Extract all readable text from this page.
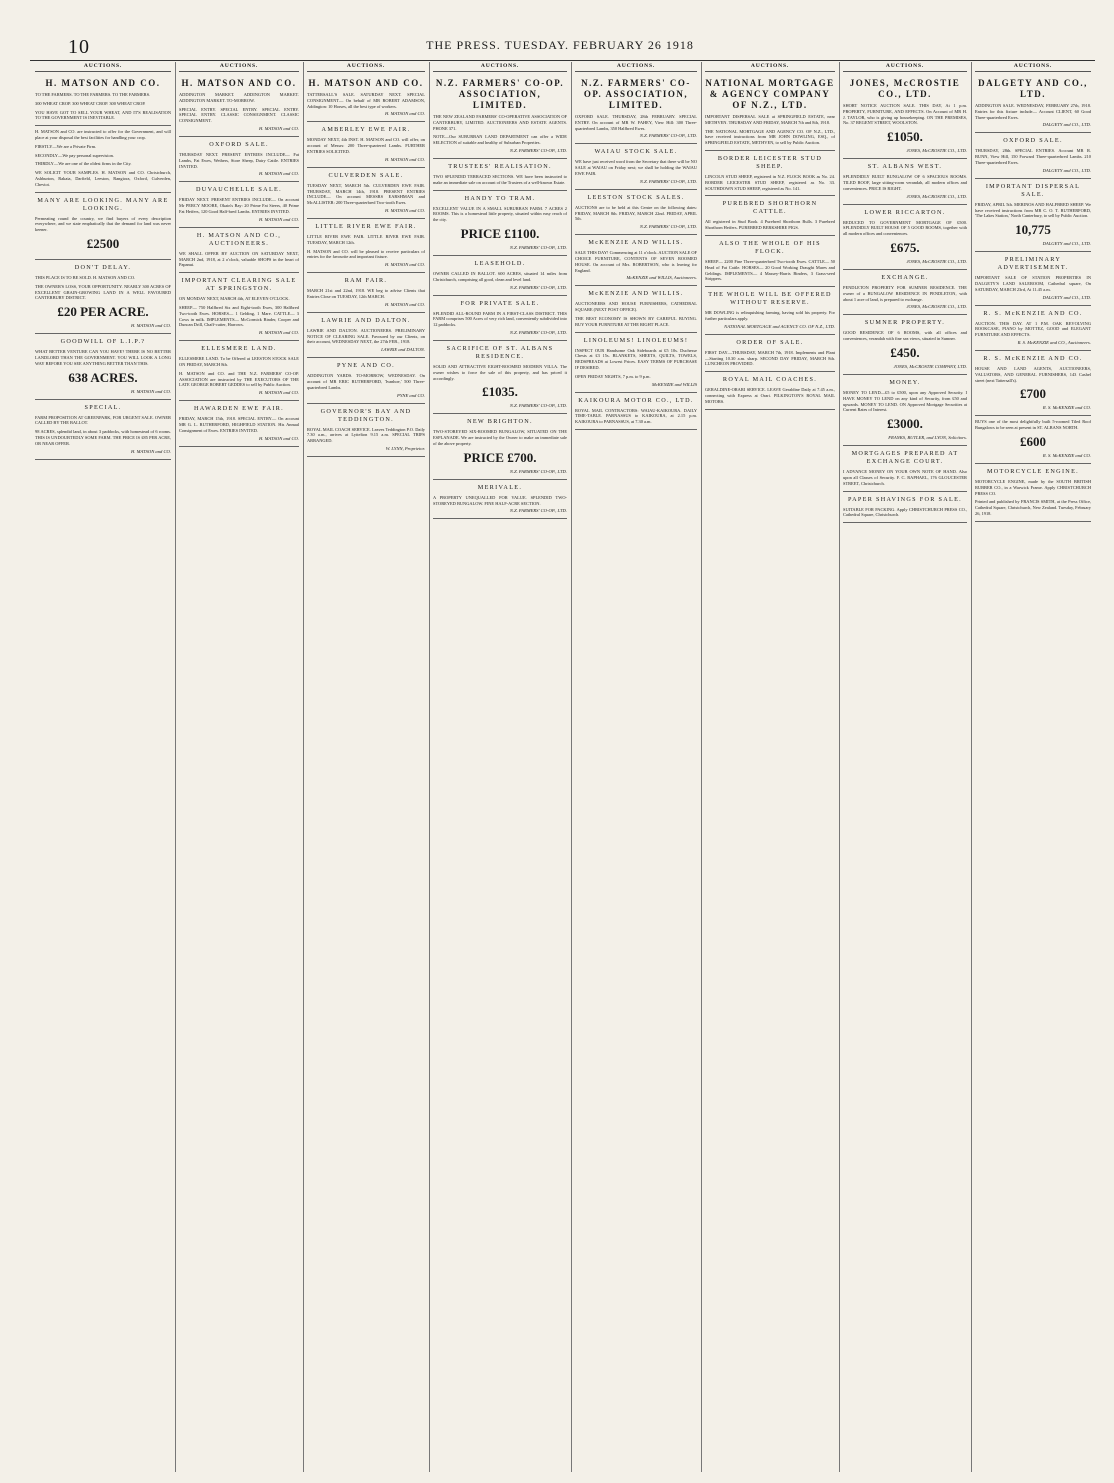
10	THE PRESS. TUESDAY. FEBRUARY 26 1918
AUCTIONS.
H. MATSON AND CO.

TO THE FARMERS. TO THE FARMERS. TO THE FARMERS.

300 WHEAT CROP. 300 WHEAT CROP. 300 WHEAT CROP.

YOU HAVE GOT TO SELL YOUR WHEAT, AND IT'S REALISATION TO THE GOVERNMENT IS INEVITABLE.

H. MATSON and CO. are instructed to offer for the Government, and will place at your disposal the best facilities for handling your crop.

FIRSTLY—We are a Private Firm.

SECONDLY—We pay personal supervision.

THIRDLY—We are one of the oldest firms in the City.

WE SOLICIT YOUR SAMPLES. H. MATSON and CO. Christchurch, Ashburton, Rakaia, Darfield, Leeston, Rangiora, Oxford, Culverden, Cheviot.

MANY ARE LOOKING. MANY ARE LOOKING.

Permeating round the country, we find buyers of every description everywhere, and we state emphatically that the demand for land was never keener.

£2500
DON'T DELAY.

THIS PLACE IS TO BE SOLD. H. MATSON AND CO.

THE OWNER'S LOSS, YOUR OPPORTUNITY. NEARLY 300 ACRES OF EXCELLENT GRAIN-GROWING LAND IN A WELL FAVOURED CANTERBURY DISTRICT.

£20 PER ACRE.
H. MATSON and CO.
GOODWILL OF L.I.P.?

WHAT BETTER VENTURE CAN YOU HAVE? THERE IS NO BETTER LANDLORD THAN THE GOVERNMENT. YOU WILL LOOK A LONG WAY BEFORE YOU SEE ANYTHING BETTER THAN THIS.

638 ACRES.
H. MATSON and CO.
SPECIAL.

FARM PROPOSITION AT GREENPARK, FOR URGENT SALE. OWNER CALLED BY THE BALLOT.

98 ACRES, splendid land, in about 3 paddocks, with homestead of 6 rooms. THIS IS UNDOUBTEDLY SOME FARM. THE PRICE IS £85 PER ACRE, OR NEAR OFFER.

H. MATSON and CO.
AUCTIONS.
H. MATSON AND CO.

ADDINGTON MARKET. ADDINGTON MARKET. ADDINGTON MARKET. TO-MORROW.

SPECIAL ENTRY. SPECIAL ENTRY. SPECIAL ENTRY. SPECIAL ENTRY. CLASSIC CONSIGNMENT. CLASSIC CONSIGNMENT.

H. MATSON and CO.
OXFORD SALE.

THURSDAY NEXT. PRESENT ENTRIES INCLUDE— Fat Lambs, Fat Ewes, Wethers, Store Sheep, Dairy Cattle. ENTRIES INVITED.

H. MATSON and CO.
DUVAUCHELLE SALE.

FRIDAY NEXT. PRESENT ENTRIES INCLUDE— On account Mr PERCY MOORE, Okain's Bay: 20 Prime Fat Steers, 40 Prime Fat Heifers, 120 Good Half-bred Lambs. ENTRIES INVITED.

H. MATSON and CO.
H. MATSON AND CO., AUCTIONEERS.

WE SHALL OFFER BY AUCTION ON SATURDAY NEXT, MARCH 2nd, 1918, at 2 o'clock, valuable SHOPS in the heart of Papanui.

IMPORTANT CLEARING SALE AT SPRINGSTON.

ON MONDAY NEXT, MARCH 4th, AT ELEVEN O'CLOCK.

SHEEP— 750 Halfbred Six and Eight-tooth Ewes, 300 Halfbred Two-tooth Ewes. HORSES— 1 Gelding, 1 Mare. CATTLE— 3 Cows in milk. IMPLEMENTS— McCormick Binder, Cooper and Duncan Drill, Chaff-cutter, Harrows.

H. MATSON and CO.
ELLESMERE LAND.

ELLESMERE LAND. To be Offered at LEESTON STOCK SALE ON FRIDAY, MARCH 8th.

H. MATSON and CO. and THE N.Z. FARMERS' CO-OP. ASSOCIATION are instructed by THE EXECUTORS OF THE LATE GEORGE ROBERT GEDDES to sell by Public Auction.

H. MATSON and CO.
HAWARDEN EWE FAIR.

FRIDAY, MARCH 15th, 1918. SPECIAL ENTRY— On account MR G. L. RUTHERFORD, HIGHFIELD STATION. His Annual Consignment of Ewes. ENTRIES INVITED.

H. MATSON and CO.
AUCTIONS.
H. MATSON AND CO.

TATTERSALL'S SALE. SATURDAY NEXT. SPECIAL CONSIGNMENT— On behalf of MR ROBERT ADAMSON, Addington: 10 Horses, all the best type of workers.

H. MATSON and CO.
AMBERLEY EWE FAIR.

MONDAY NEXT, 4th INST. H. MATSON and CO. will offer, on account of Messrs: 200 Three-quartered Lambs. FURTHER ENTRIES SOLICITED.

H. MATSON and CO.
CULVERDEN SALE.

TUESDAY NEXT, MARCH 5th. CULVERDEN EWE FAIR. THURSDAY, MARCH 14th, 1918. PRESENT ENTRIES INCLUDE— On account MESSRS EARSHMAN and McALLISTER: 200 Three-quarterbred Two-tooth Ewes.

H. MATSON and CO.
LITTLE RIVER EWE FAIR.

LITTLE RIVER EWE FAIR. LITTLE RIVER EWE FAIR. TUESDAY, MARCH 12th.

H. MATSON and CO. will be pleased to receive particulars of entries for the favourite and important fixture.

H. MATSON and CO.
RAM FAIR.

MARCH 21st and 22nd, 1918. WE beg to advise Clients that Entries Close on TUESDAY, 12th MARCH.

H. MATSON and CO.
LAWRIE AND DALTON.

LAWRIE AND DALTON. AUCTIONEERS. PRELIMINARY NOTICE OF CLEARING SALE. Favoured by our Clients, on their account, WEDNESDAY NEXT, the 27th FEB., 1918.

LAWRIE and DALTON.
PYNE AND CO.

ADDINGTON YARDS. TO-MORROW, WEDNESDAY. On account of MR ERIC RUTHERFORD, 'Ivanhoe,' 500 Three-quarterbred Lambs.

PYNE and CO.
GOVERNOR'S BAY AND TEDDINGTON.

ROYAL MAIL COACH SERVICE. Leaves Teddington P.O. Daily 7.30 a.m., arrives at Lyttelton 9.15 a.m. SPECIAL TRIPS ARRANGED.

W. LYNN, Proprietor.
AUCTIONS.
N.Z. FARMERS' CO-OP. ASSOCIATION, LIMITED.

THE NEW ZEALAND FARMERS' CO-OPERATIVE ASSOCIATION OF CANTERBURY, LIMITED. AUCTIONEERS AND ESTATE AGENTS. PHONE 371.

NOTE—Our SUBURBAN LAND DEPARTMENT can offer a WIDE SELECTION of suitable and healthy of Suburban Properties.

N.Z. FARMERS' CO-OP., LTD.
TRUSTEES' REALISATION.

TWO SPLENDID TERRACED SECTIONS. WE have been instructed to make an immediate sale on account of the Trustees of a well-known Estate.

HANDY TO TRAM.

EXCELLENT VALUE IN A SMALL SUBURBAN FARM. 7 ACRES 2 ROOMS. This is a homestead little property, situated within easy reach of the city.

PRICE £1100.
N.Z. FARMERS' CO-OP., LTD.
LEASEHOLD.

OWNER CALLED IN BALLOT. 600 ACRES, situated 14 miles from Christchurch, comprising all good, clean and level land.

N.Z. FARMERS' CO-OP., LTD.
FOR PRIVATE SALE.

SPLENDID ALL-ROUND FARM IN A FIRST-CLASS DISTRICT. THIS FARM comprises 500 Acres of very rich land, conveniently subdivided into 12 paddocks.

N.Z. FARMERS' CO-OP., LTD.
SACRIFICE OF ST. ALBANS RESIDENCE.

SOLID AND ATTRACTIVE EIGHT-ROOMED MODERN VILLA. The owner wishes to force the sale of this property, and has priced it accordingly.

£1035.
N.Z. FARMERS' CO-OP., LTD.
NEW BRIGHTON.

TWO-STOREYED SIX-ROOMED BUNGALOW, SITUATED ON THE ESPLANADE. We are instructed by the Owner to make an immediate sale of the above property.

PRICE £700.
N.Z. FARMERS' CO-OP., LTD.
MERIVALE.

A PROPERTY UNEQUALLED FOR VALUE. SPLENDID TWO-STOREYED BUNGALOW. FINE HALF-ACRE SECTION.

N.Z. FARMERS' CO-OP., LTD.
AUCTIONS.
N.Z. FARMERS' CO-OP. ASSOCIATION, LIMITED.

OXFORD SALE. THURSDAY, 28th FEBRUARY. SPECIAL ENTRY. On account of MR W. FAHEY, View Hill: 300 Three-quarterbred Lambs, 350 Halfbred Ewes.

N.Z. FARMERS' CO-OP., LTD.
WAIAU STOCK SALE.

WE have just received word from the Secretary that there will be NO SALE at WAIAU on Friday next; we shall be holding the WAIAU EWE FAIR.

N.Z. FARMERS' CO-OP., LTD.
LEESTON STOCK SALES.

AUCTIONS are to be held at this Centre on the following dates: FRIDAY, MARCH 8th. FRIDAY, MARCH 22nd. FRIDAY, APRIL 5th.

N.Z. FARMERS' CO-OP., LTD.
McKENZIE AND WILLIS.

SALE THIS DAY! Commencing at 11 o'clock. AUCTION SALE OF CHOICE FURNITURE, CONTENTS OF SEVEN ROOMED HOUSE. On account of Mrs. ROBERTSON, who is leaving for England.

McKENZIE and WILLIS, Auctioneers.
McKENZIE AND WILLIS.

AUCTIONEERS AND HOUSE FURNISHERS, CATHEDRAL SQUARE (NEXT POST OFFICE).

THE BEST ECONOMY IS SHOWN BY CAREFUL BUYING. BUY YOUR FURNITURE AT THE RIGHT PLACE.

LINOLEUMS! LINOLEUMS!

INSPECT OUR Handsome Oak Sideboards at £5 10s. Duchesse Chests at £3 15s. BLANKETS, SHEETS, QUILTS, TOWELS, BEDSPREADS at Lowest Prices. EASY TERMS OF PURCHASE IF DESIRED.

OPEN FRIDAY NIGHTS, 7 p.m. to 9 p.m.

McKENZIE and WILLIS
KAIKOURA MOTOR CO., LTD.

ROYAL MAIL CONTRACTORS: WAIAU-KAIKOURA. DAILY TIME-TABLE. PARNASSUS to KAIKOURA, at 2.15 p.m. KAIKOURA to PARNASSUS, at 7.30 a.m.

AUCTIONS.
NATIONAL MORTGAGE & AGENCY COMPANY OF N.Z., LTD.

IMPORTANT DISPERSAL SALE at SPRINGFIELD ESTATE, near METHVEN. THURSDAY AND FRIDAY, MARCH 7th and 8th, 1918.

THE NATIONAL MORTGAGE AND AGENCY CO. OF N.Z., LTD., have received instructions from MR JOHN DOWLING, ESQ., of SPRINGFIELD ESTATE, METHVEN, to sell by Public Auction.

BORDER LEICESTER STUD SHEEP.

LINCOLN STUD SHEEP, registered in N.Z. FLOCK BOOK as No. 24. BORDER LEICESTER STUD SHEEP, registered as No. 33. SOUTHDOWN STUD SHEEP, registered as No. 141.

PUREBRED SHORTHORN CATTLE.

All registered in Stud Book. 4 Purebred Shorthorn Bulls. 3 Purebred Shorthorn Heifers. PUREBRED BERKSHIRE PIGS.

ALSO THE WHOLE OF HIS FLOCK.

SHEEP— 2200 Fine Three-quarterbred Two-tooth Ewes. CATTLE— 50 Head of Fat Cattle. HORSES— 20 Good Working Draught Mares and Geldings. IMPLEMENTS— 4 Massey-Harris Binders, 3 Grass-seed Strippers.

THE WHOLE WILL BE OFFERED WITHOUT RESERVE.

MR DOWLING is relinquishing farming, having sold his property. For further particulars apply.

NATIONAL MORTGAGE and AGENCY CO. OF N.Z., LTD.
ORDER OF SALE.

FIRST DAY—THURSDAY, MARCH 7th, 1918. Implements and Plant—Starting 10.30 a.m. sharp. SECOND DAY FRIDAY, MARCH 8th. LUNCHEON PROVIDED.

ROYAL MAIL COACHES.

GERALDINE-ORARI SERVICE. LEAVE Geraldine Daily at 7.45 a.m., connecting with Express at Orari. PILKINGTON'S ROYAL MAIL MOTORS.

AUCTIONS.
JONES, McCROSTIE CO., LTD.

SHORT NOTICE AUCTION SALE. THIS DAY, At 1 p.m. PROPERTY, FURNITURE, AND EFFECTS. On Account of MR H. J. TAYLOR, who is giving up housekeeping. ON THE PREMISES, No. 37 REGENT STREET, WOOLSTON.

£1050.
JONES, McCROSTIE CO., LTD.
ST. ALBANS WEST.

SPLENDIDLY BUILT BUNGALOW OF 6 SPACIOUS ROOMS. TILED ROOF, large sitting-room verandah, all modern offices and conveniences. PRICE IS RIGHT.

JONES, McCROSTIE CO., LTD.
LOWER RICCARTON.

REDUCED TO GOVERNMENT MORTGAGE OF £500. SPLENDIDLY BUILT HOUSE OF 5 GOOD ROOMS, together with all modern offices and conveniences.

£675.
JONES, McCROSTIE CO., LTD.
EXCHANGE.

PENDLETON PROPERTY FOR SUMNER RESIDENCE. THE owner of a BUNGALOW RESIDENCE IN PENDLETON, with about 1 acre of land, is prepared to exchange.

JONES, McCROSTIE CO., LTD.
SUMNER PROPERTY.

GOOD RESIDENCE OF 6 ROOMS, with all offices and conveniences, verandah with fine sea views, situated in Sumner.

£450.
JONES, McCROSTIE COMPANY, LTD.
MONEY.

MONEY TO LEND—£5 to £500, upon any Approved Security. I HAVE MONEY TO LEND on any kind of Security, from £50 and upwards. MONEY TO LEND. ON Approved Mortgage Securities at Current Rates of Interest.

£3000.
FRANKS, BUTLER, and LYON, Solicitors.
MORTGAGES PREPARED AT EXCHANGE COURT.

I ADVANCE MONEY ON YOUR OWN NOTE OF HAND. Also upon all Classes of Security. F. C. RAPHAEL, 176 GLOUCESTER STREET, Christchurch.

PAPER SHAVINGS FOR SALE.

SUITABLE FOR PACKING. Apply CHRISTCHURCH PRESS CO., Cathedral Square, Christchurch.

AUCTIONS.
DALGETY AND CO., LTD.

ADDINGTON SALE. WEDNESDAY, FEBRUARY 27th, 1918. Entries for this fixture include— Account CLIENT, 60 Good Three-quarterbred Ewes.

DALGETY and CO., LTD.
OXFORD SALE.

THURSDAY, 28th. SPECIAL ENTRIES. Account MR R. BUNN, View Hill, 150 Forward Three-quarterbred Lambs. 210 Three-quarterbred Ewes.

DALGETY and CO., LTD.
IMPORTANT DISPERSAL SALE.

FRIDAY, APRIL 5th. MERINOS AND HALFBRED SHEEP. We have received instructions from MR C. O. T. RUTHERFORD, 'The Lakes Station,' North Canterbury, to sell by Public Auction.

10,775
DALGETY and CO., LTD.
PRELIMINARY ADVERTISEMENT.

IMPORTANT SALE OF STATION PROPERTIES IN DALGETY'S LAND SALEROOM, Cathedral square, On SATURDAY, MARCH 23rd, At 11.45 a.m.

DALGETY and CO., LTD.
R. S. McKENZIE AND CO.

AUCTION. THIS DAY. AT 1 P.M. OAK REVOLVING BOOKCASE, PIANO by MOTTEZ, GOOD and ELEGANT FURNITURE AND EFFECTS.

R. S. McKENZIE and CO., Auctioneers.
R. S. McKENZIE AND CO.

HOUSE AND LAND AGENTS, AUCTIONEERS, VALUATORS, AND GENERAL FURNISHERS, 143 Cashel street (next Tattersall's).

£700
R. S. McKENZIE and CO.

BUYS one of the most delightfully built 5-roomed Tiled Roof Bungalows to be seen at present in ST. ALBANS NORTH.

£600
R. S. McKENZIE and CO.
MOTORCYCLE ENGINE.

MOTORCYCLE ENGINE, made by the SOUTH BRITISH RUBBER CO., in a Warwick Frame. Apply CHRISTCHURCH PRESS CO.

Printed and published by FRANCIS SMITH, at the Press Office, Cathedral Square, Christchurch, New Zealand. Tuesday, February 26, 1918.
